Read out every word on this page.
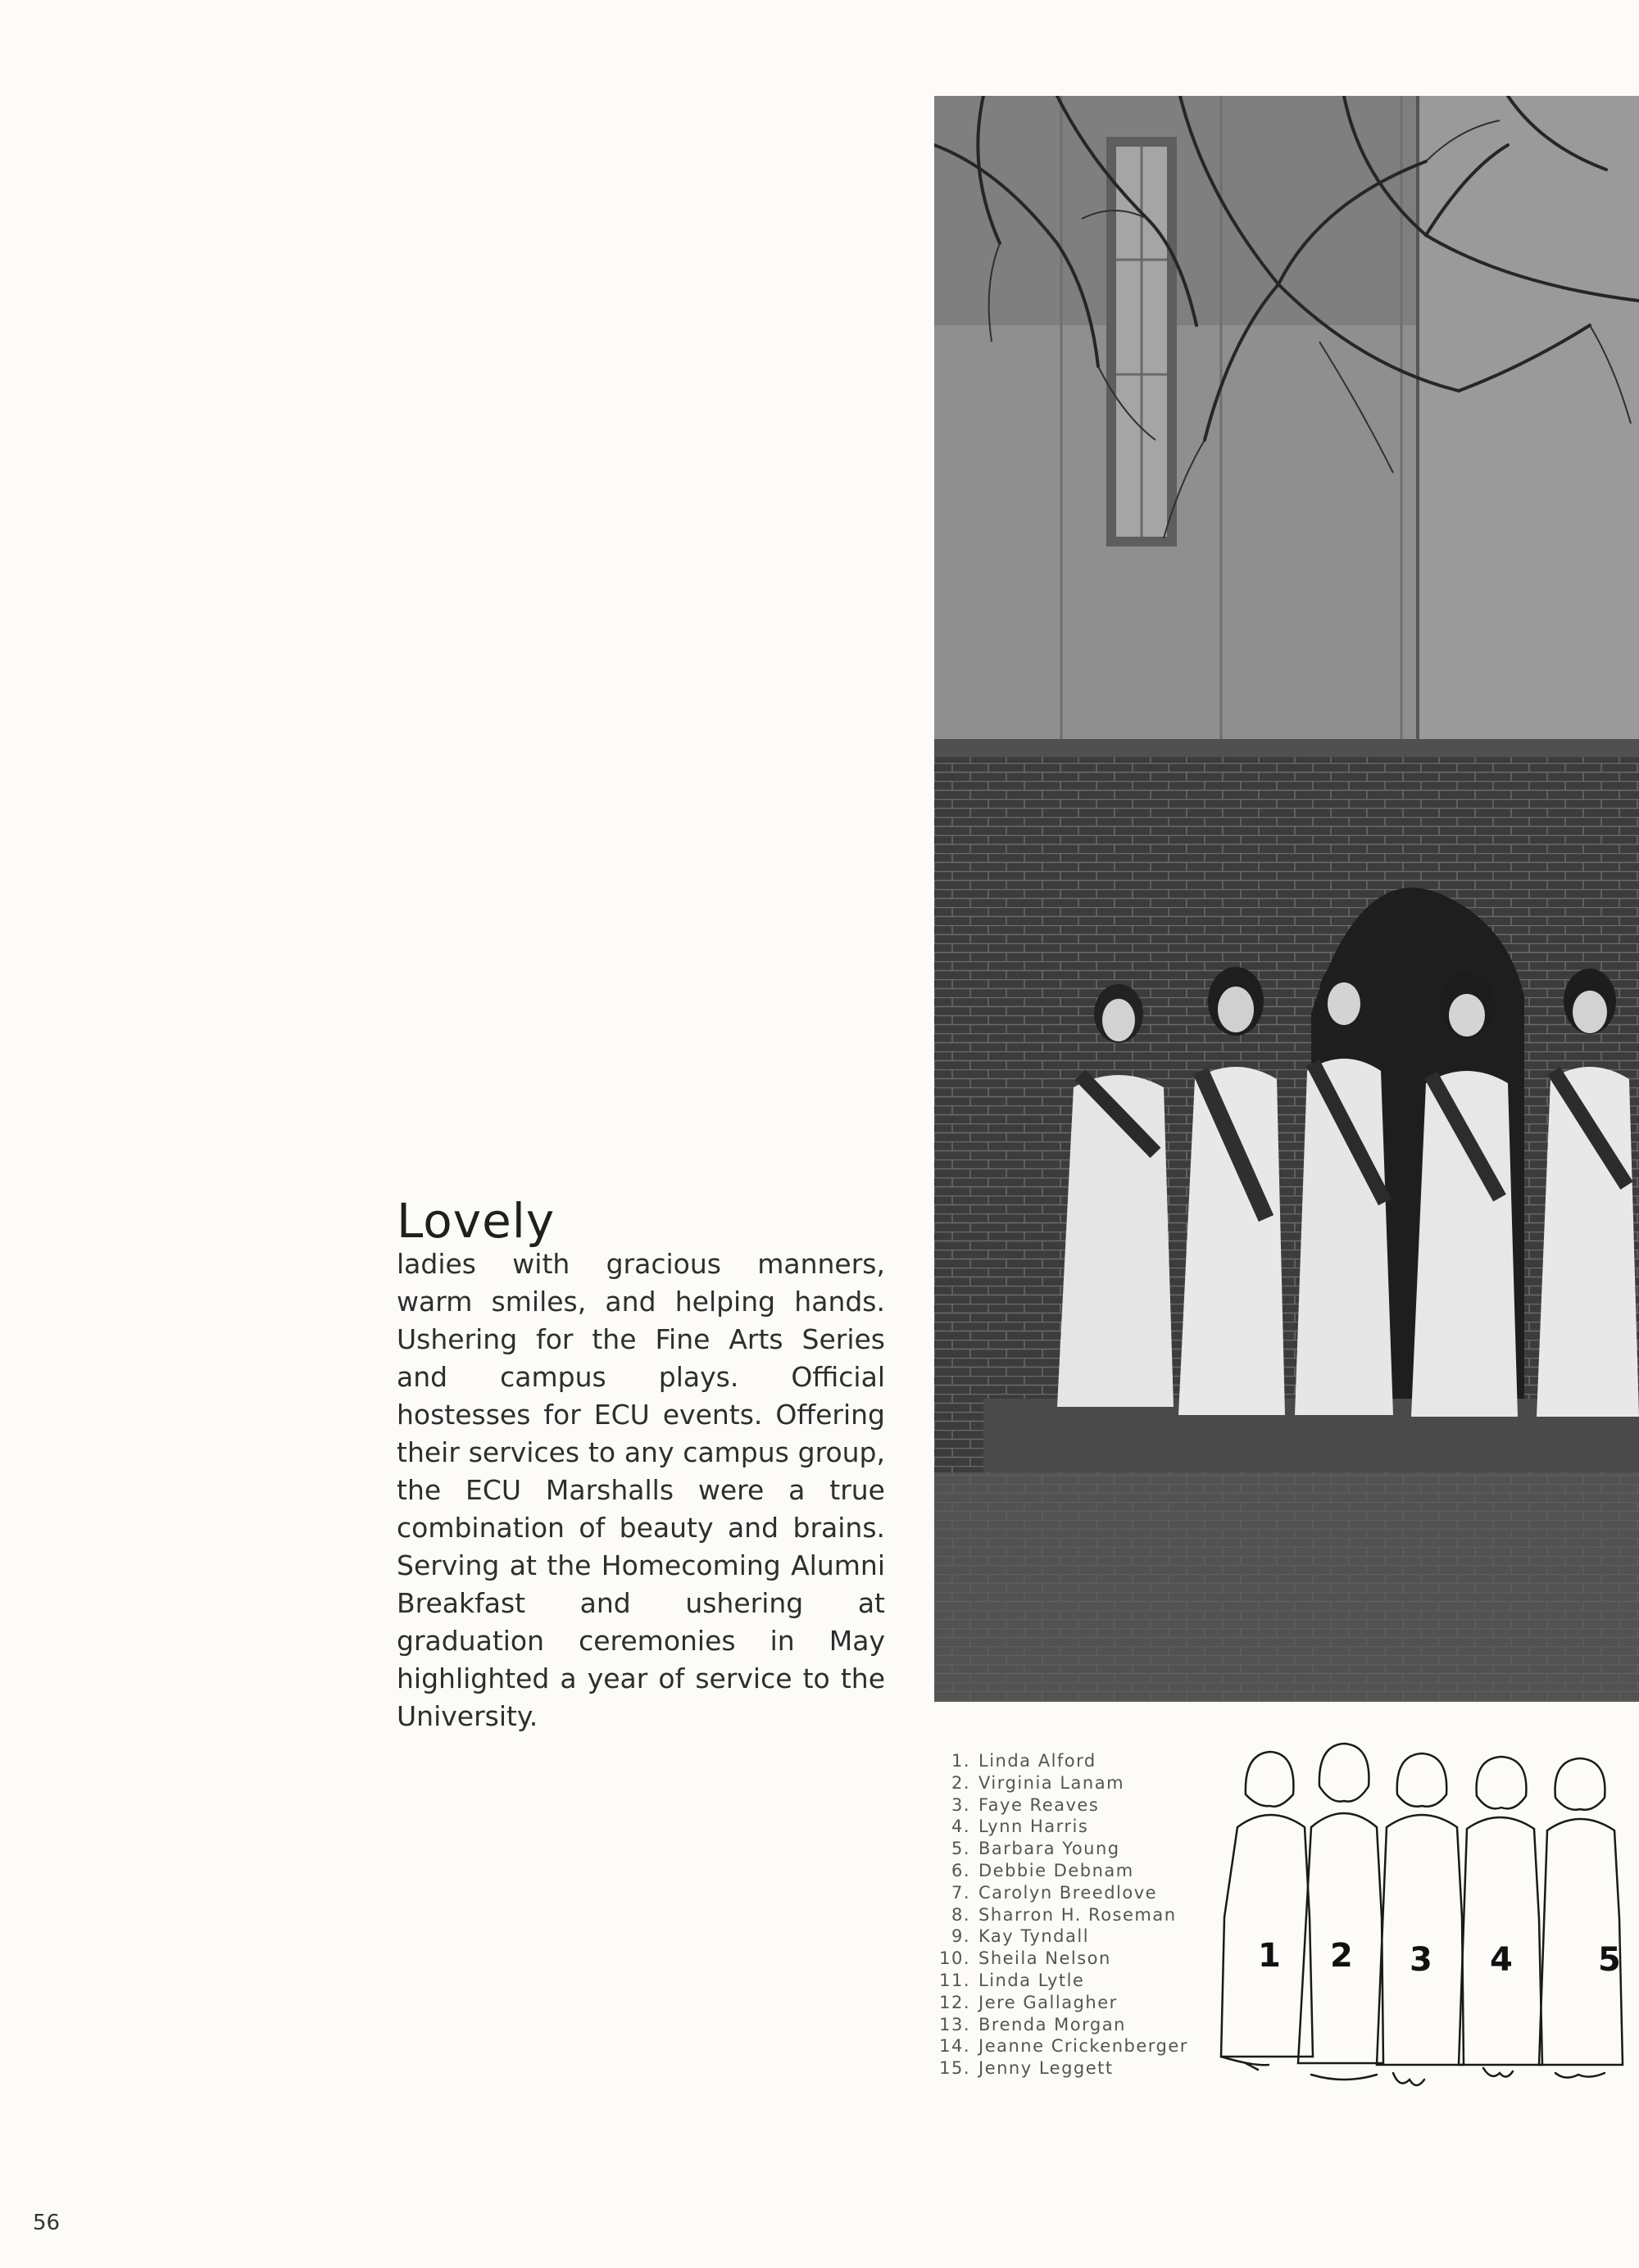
Lovely

ladies with gracious manners, warm smiles, and helping hands. Ushering for the Fine Arts Series and campus plays. Official hostesses for ECU events. Offering their services to any campus group, the ECU Marshalls were a true combination of beauty and brains. Serving at the Homecoming Alumni Breakfast and ushering at graduation ceremonies in May highlighted a year of service to the University.

1. Linda Alford
2. Virginia Lanam
3. Faye Reaves
4. Lynn Harris
5. Barbara Young
6. Debbie Debnam
7. Carolyn Breedlove
8. Sharron H. Roseman
9. Kay Tyndall
10. Sheila Nelson
11. Linda Lytle
12. Jere Gallagher
13. Brenda Morgan
14. Jeanne Crickenberger
15. Jenny Leggett
1 2 3 4	5
56
